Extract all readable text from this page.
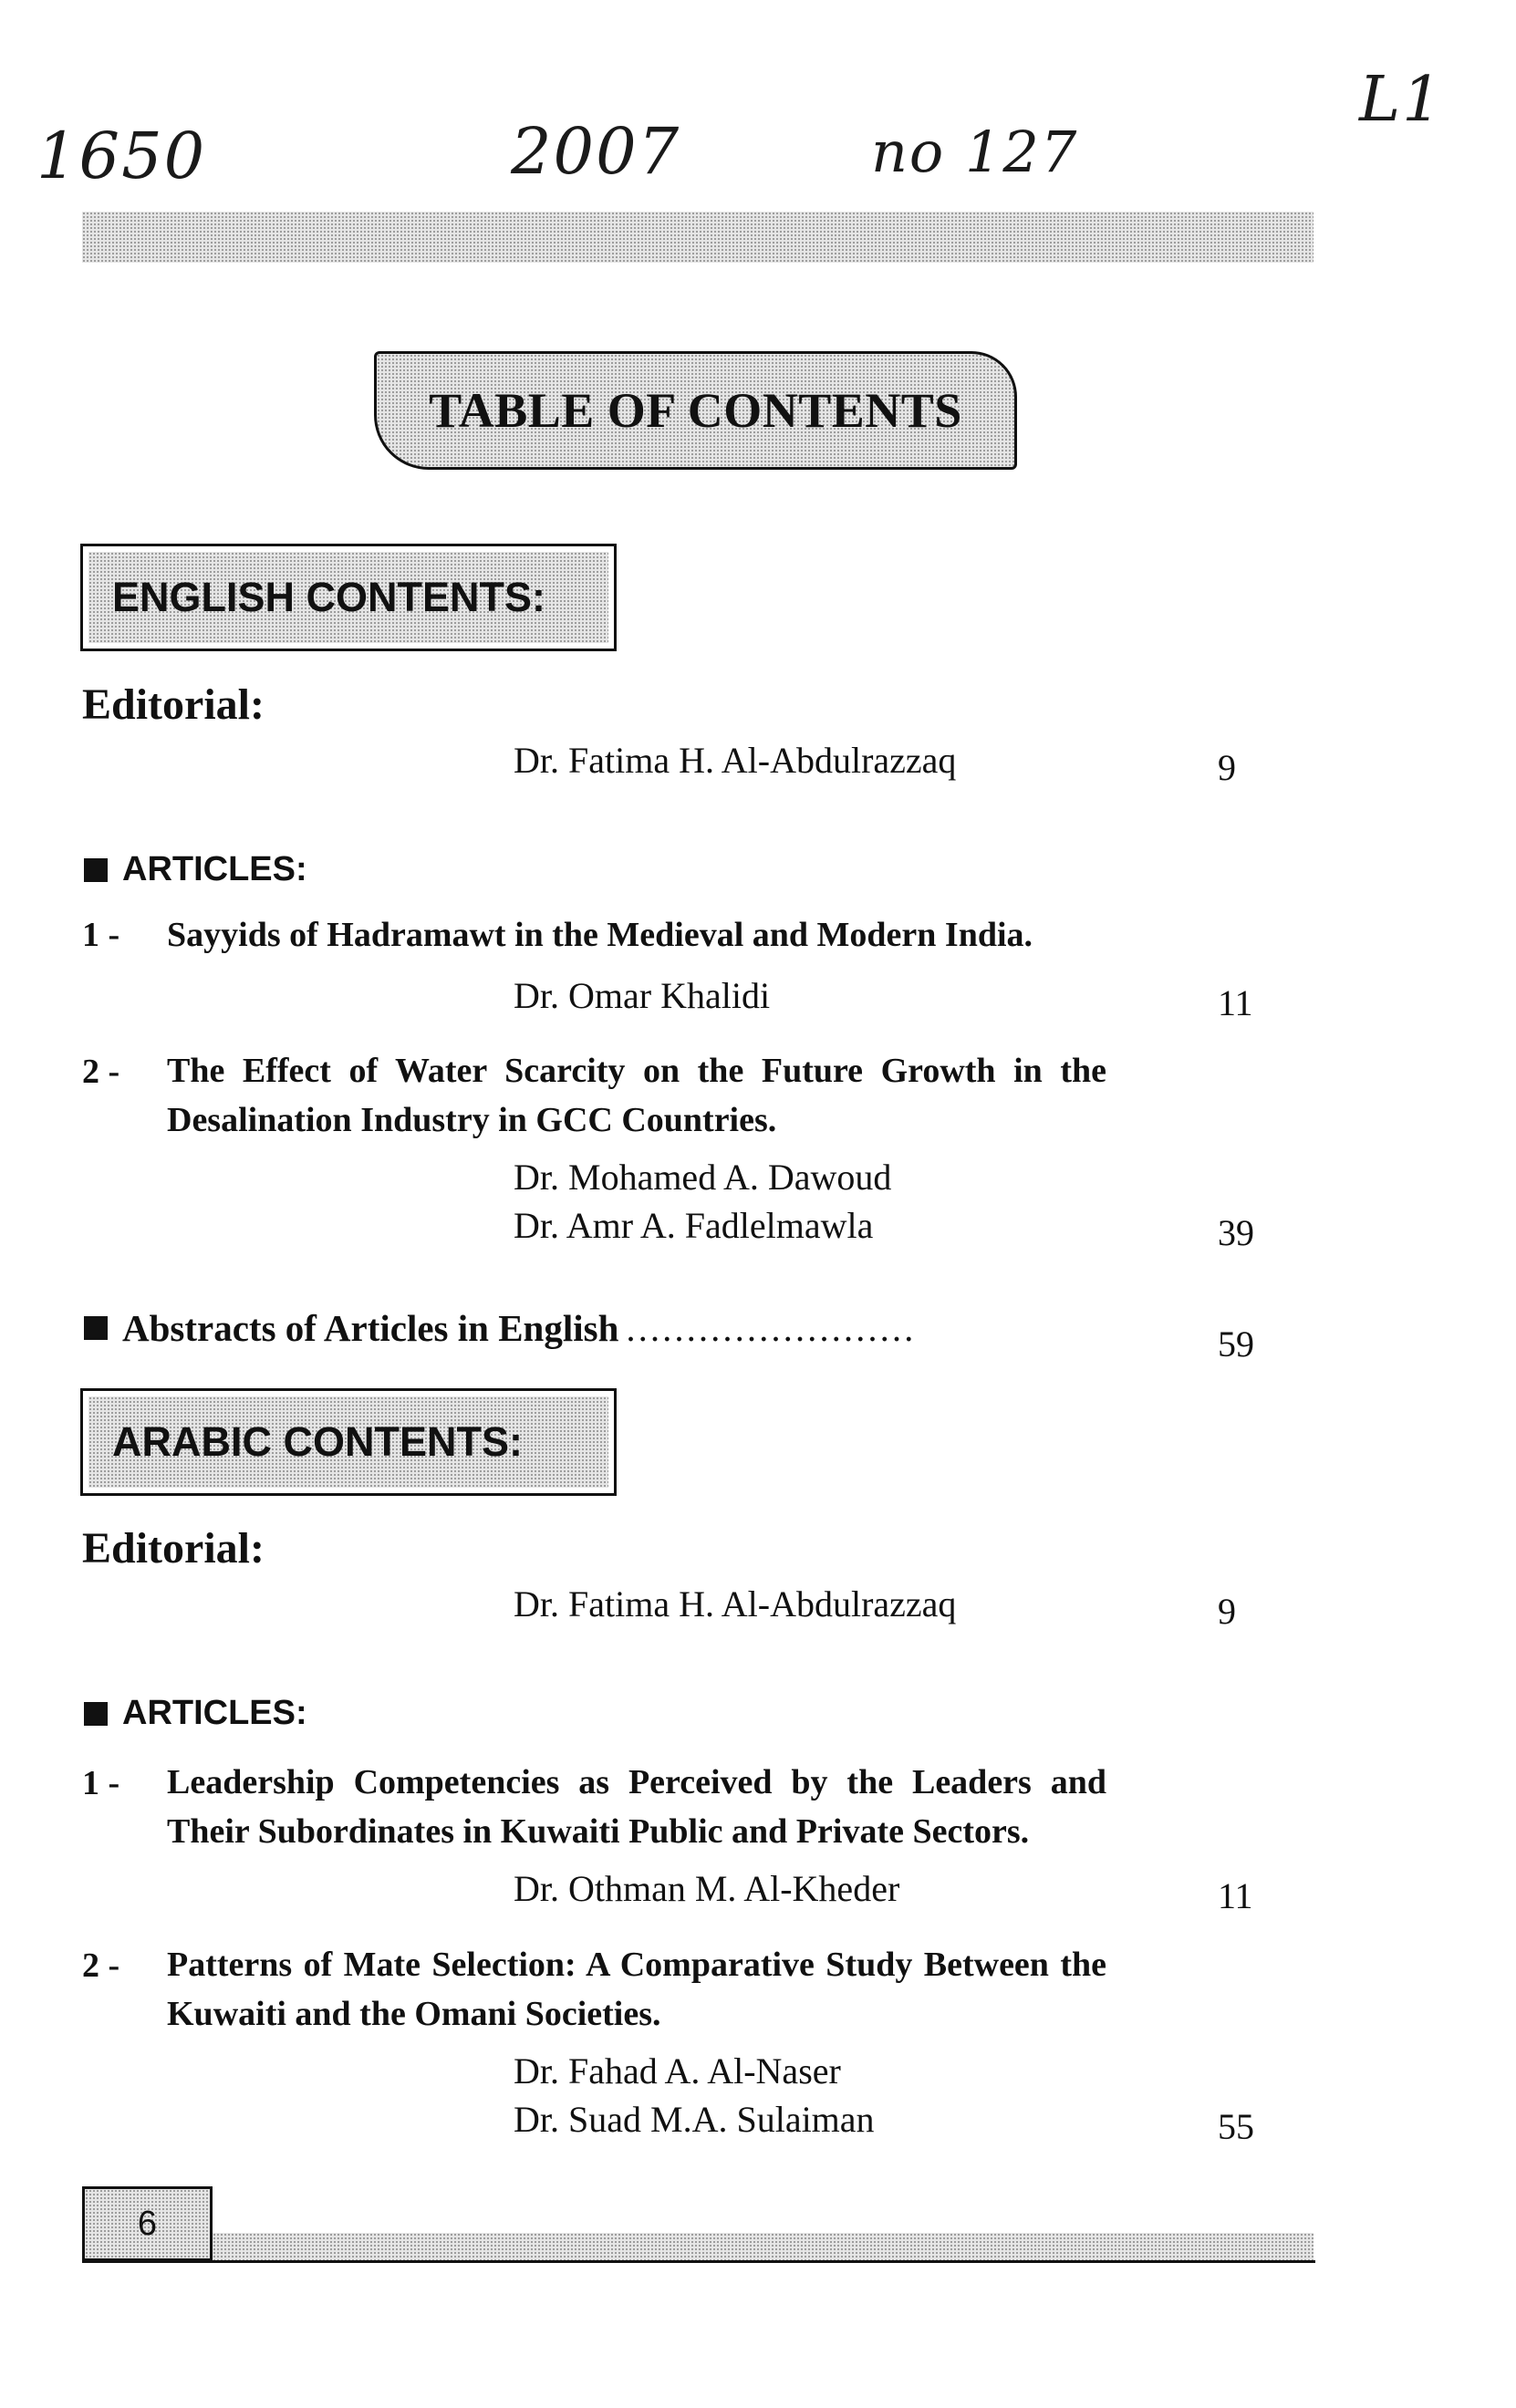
1650	2007	no 127
L1
TABLE OF CONTENTS
ENGLISH CONTENTS:
Editorial:
Dr. Fatima H. Al-Abdulrazzaq	9
ARTICLES:
1 - Sayyids of Hadramawt in the Medieval and Modern India.
Dr. Omar Khalidi	11
2 - The Effect of Water Scarcity on the Future Growth in the Desalination Industry in GCC Countries.
Dr. Mohamed A. Dawoud
Dr. Amr A. Fadlelmawla	39
Abstracts of Articles in English ........................	59
ARABIC CONTENTS:
Editorial:
Dr. Fatima H. Al-Abdulrazzaq	9
ARTICLES:
1 - Leadership Competencies as Perceived by the Leaders and Their Subordinates in Kuwaiti Public and Private Sectors.
Dr. Othman M. Al-Kheder	11
2 - Patterns of Mate Selection: A Comparative Study Between the Kuwaiti and the Omani Societies.
Dr. Fahad A. Al-Naser
Dr. Suad M.A. Sulaiman	55
6
